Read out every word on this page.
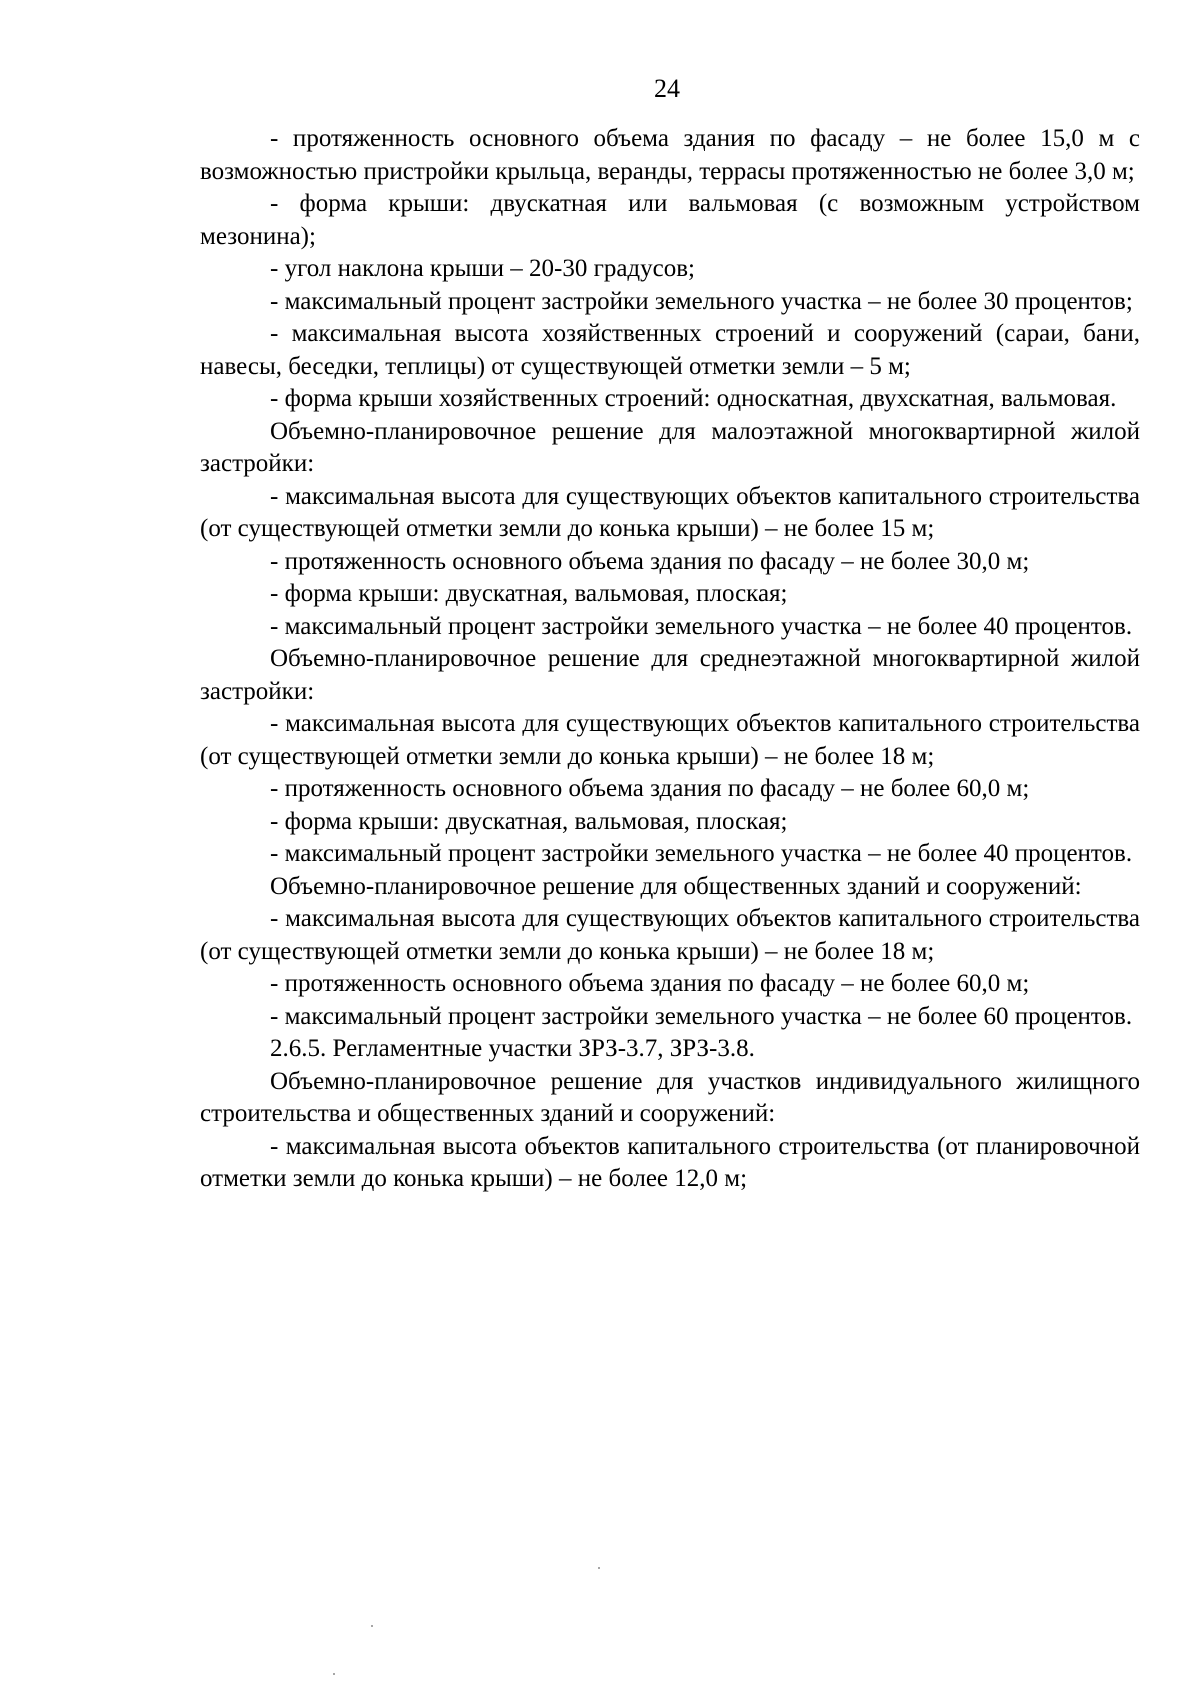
24

- протяженность основного объема здания по фасаду – не более 15,0 м с возможностью пристройки крыльца, веранды, террасы протяженностью не более 3,0 м;

- форма крыши: двускатная или вальмовая (с возможным устройством мезонина);

- угол наклона крыши – 20-30 градусов;

- максимальный процент застройки земельного участка – не более 30 процентов;

- максимальная высота хозяйственных строений и сооружений (сараи, бани, навесы, беседки, теплицы) от существующей отметки земли – 5 м;

- форма крыши хозяйственных строений: односкатная, двухскатная, вальмовая.

Объемно-планировочное решение для малоэтажной многоквартирной жилой застройки:

- максимальная высота для существующих объектов капитального строительства (от существующей отметки земли до конька крыши) – не более 15 м;

- протяженность основного объема здания по фасаду – не более 30,0 м;

- форма крыши: двускатная, вальмовая, плоская;

- максимальный процент застройки земельного участка – не более 40 процентов.

Объемно-планировочное решение для среднеэтажной многоквартирной жилой застройки:

- максимальная высота для существующих объектов капитального строительства (от существующей отметки земли до конька крыши) – не более 18 м;

- протяженность основного объема здания по фасаду – не более 60,0 м;

- форма крыши: двускатная, вальмовая, плоская;

- максимальный процент застройки земельного участка – не более 40 процентов.

Объемно-планировочное решение для общественных зданий и сооружений:

- максимальная высота для существующих объектов капитального строительства (от существующей отметки земли до конька крыши) – не более 18 м;

- протяженность основного объема здания по фасаду – не более 60,0 м;

- максимальный процент застройки земельного участка – не более 60 процентов.

2.6.5. Регламентные участки ЗРЗ-3.7, ЗРЗ-3.8.

Объемно-планировочное решение для участков индивидуального жилищного строительства и общественных зданий и сооружений:

- максимальная высота объектов капитального строительства (от планировочной отметки земли до конька крыши) – не более 12,0 м;
